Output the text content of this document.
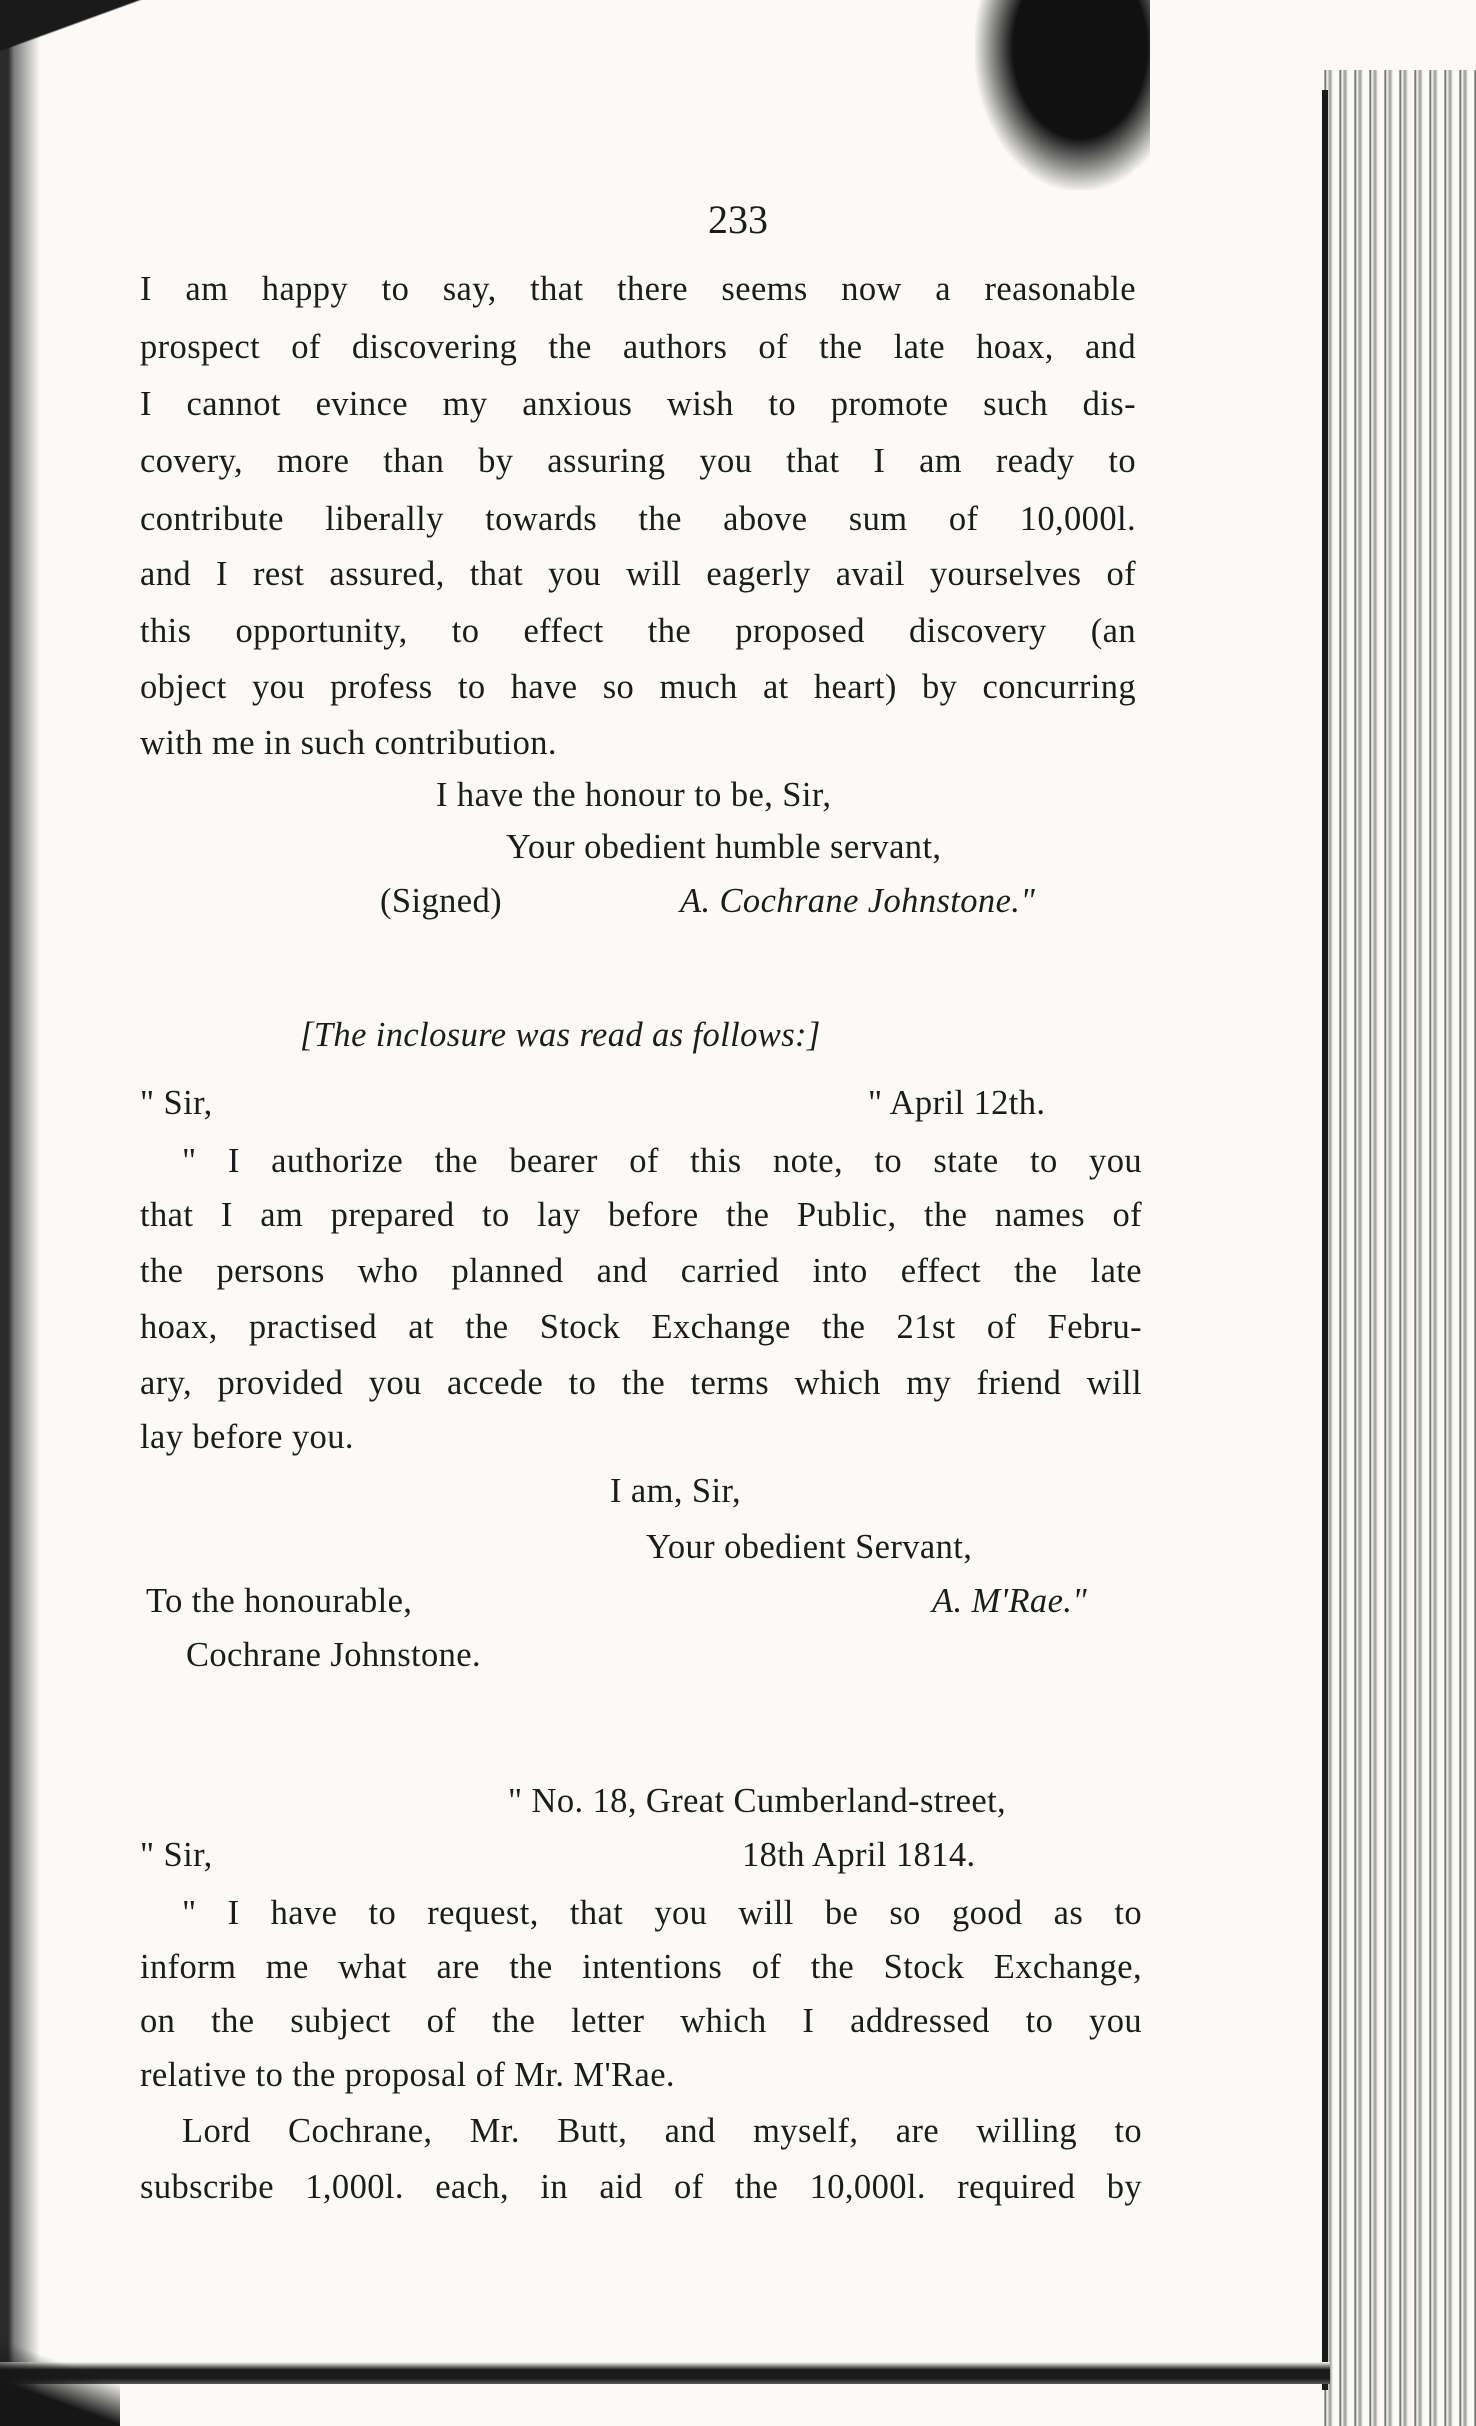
233
I am happy to say, that there seems now a reasonable
prospect of discovering the authors of the late hoax, and
I cannot evince my anxious wish to promote such dis-
covery, more than by assuring you that I am ready to
contribute liberally towards the above sum of 10,000l.
and I rest assured, that you will eagerly avail yourselves of
this opportunity, to effect the proposed discovery (an
object you profess to have so much at heart) by concurring
with me in such contribution.
I have the honour to be, Sir,
Your obedient humble servant,
(Signed)	A. Cochrane Johnstone."
[The inclosure was read as follows:]
" Sir,	" April 12th.
" I authorize the bearer of this note, to state to you
that I am prepared to lay before the Public, the names of
the persons who planned and carried into effect the late
hoax, practised at the Stock Exchange the 21st of Febru-
ary, provided you accede to the terms which my friend will
lay before you.
I am, Sir,
Your obedient Servant,
To the honourable,	A. M'Rae."
Cochrane Johnstone.
" No. 18, Great Cumberland-street,
" Sir,	18th April 1814.
" I have to request, that you will be so good as to
inform me what are the intentions of the Stock Exchange,
on the subject of the letter which I addressed to you
relative to the proposal of Mr. M'Rae.
Lord Cochrane, Mr. Butt, and myself, are willing to
subscribe 1,000l. each, in aid of the 10,000l. required by
